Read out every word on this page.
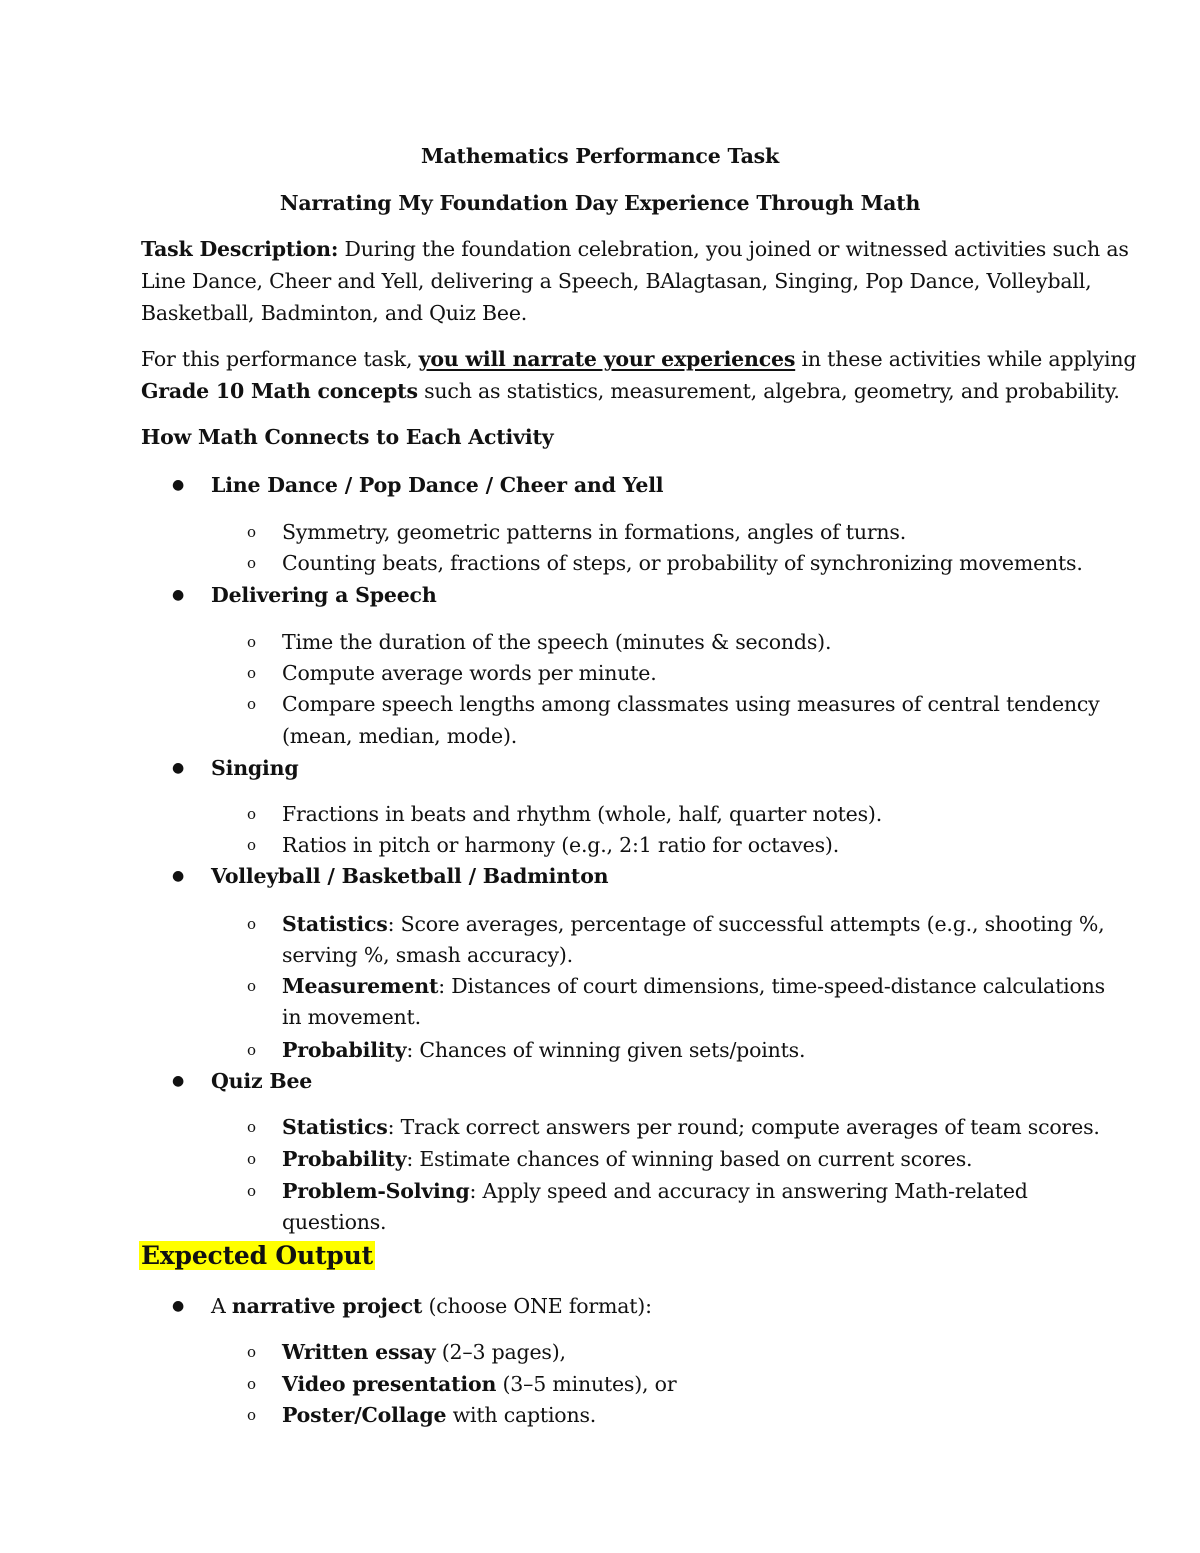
Mathematics Performance Task
Narrating My Foundation Day Experience Through Math
Task Description: During the foundation celebration, you joined or witnessed activities such as
Line Dance, Cheer and Yell, delivering a Speech, BAlagtasan, Singing, Pop Dance, Volleyball,
Basketball, Badminton, and Quiz Bee.
For this performance task, you will narrate your experiences in these activities while applying
Grade 10 Math concepts such as statistics, measurement, algebra, geometry, and probability.
How Math Connects to Each Activity
● Line Dance / Pop Dance / Cheer and Yell
o Symmetry, geometric patterns in formations, angles of turns.
o Counting beats, fractions of steps, or probability of synchronizing movements.
● Delivering a Speech
o Time the duration of the speech (minutes & seconds).
o Compute average words per minute.
o Compare speech lengths among classmates using measures of central tendency
(mean, median, mode).
● Singing
o Fractions in beats and rhythm (whole, half, quarter notes).
o Ratios in pitch or harmony (e.g., 2:1 ratio for octaves).
● Volleyball / Basketball / Badminton
o Statistics: Score averages, percentage of successful attempts (e.g., shooting %,
serving %, smash accuracy).
o Measurement: Distances of court dimensions, time-speed-distance calculations
in movement.
o Probability: Chances of winning given sets/points.
● Quiz Bee
o Statistics: Track correct answers per round; compute averages of team scores.
o Probability: Estimate chances of winning based on current scores.
o Problem-Solving: Apply speed and accuracy in answering Math-related
questions.
Expected Output
● A narrative project (choose ONE format):
o Written essay (2–3 pages),
o Video presentation (3–5 minutes), or
o Poster/Collage with captions.
